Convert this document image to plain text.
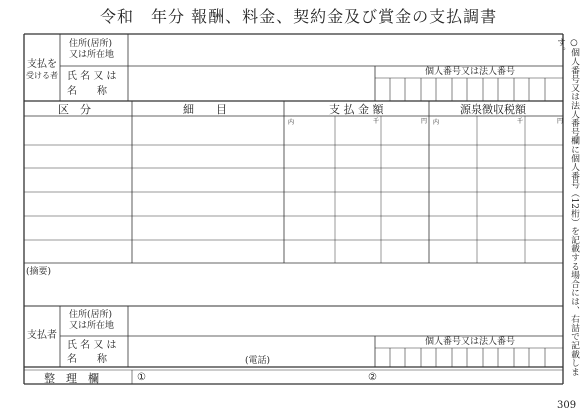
令和　年分 報酬、料金、契約金及び賞金の支払調書
支払を
受ける者
住所(居所)
又は所在地
氏 名 又 は
名　　称
個人番号又は法人番号
区　分	細　　目	支 払 金 額	源泉徴収税額
内	千	円 内	千	円
(摘要)
支払者
住所(居所)
又は所在地
氏 名 又 は
名　　称	(電話)
個人番号又は法人番号
整　理　欄	①	②
○個人番号又は法人番号欄に個人番号（12桁）を記載する場合には、右詰で記載します。
309
